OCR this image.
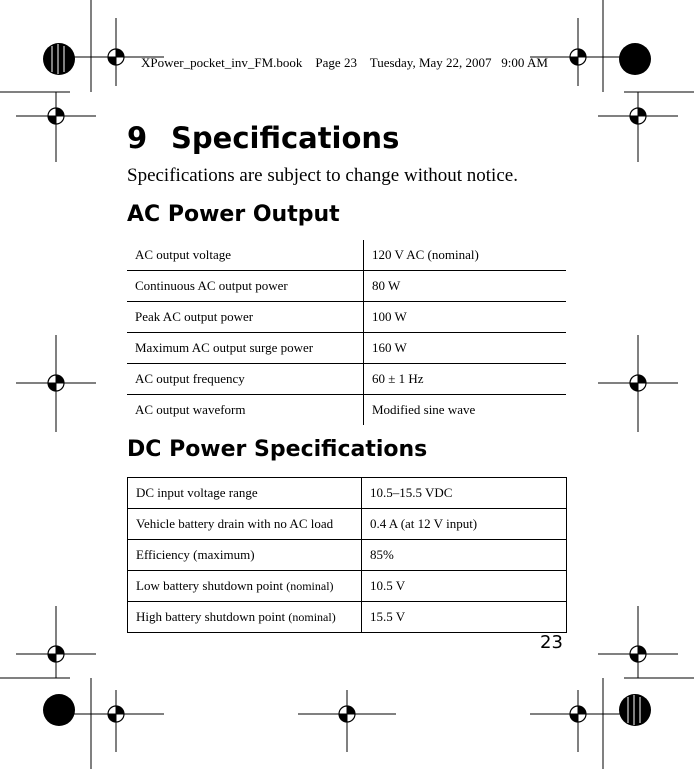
XPower_pocket_inv_FM.book Page 23 Tuesday, May 22, 2007 9:00 AM
9 Specifications

Specifications are subject to change without notice.

AC Power Output
AC output voltage	120 V AC (nominal)
Continuous AC output power	80 W
Peak AC output power	100 W
Maximum AC output surge power	160 W
AC output frequency	60 ± 1 Hz
AC output waveform	Modified sine wave
DC Power Specifications
DC input voltage range	10.5–15.5 VDC
Vehicle battery drain with no AC load	0.4 A (at 12 V input)
Efficiency (maximum)	85%
Low battery shutdown point (nominal)	10.5 V
High battery shutdown point (nominal)	15.5 V
23
